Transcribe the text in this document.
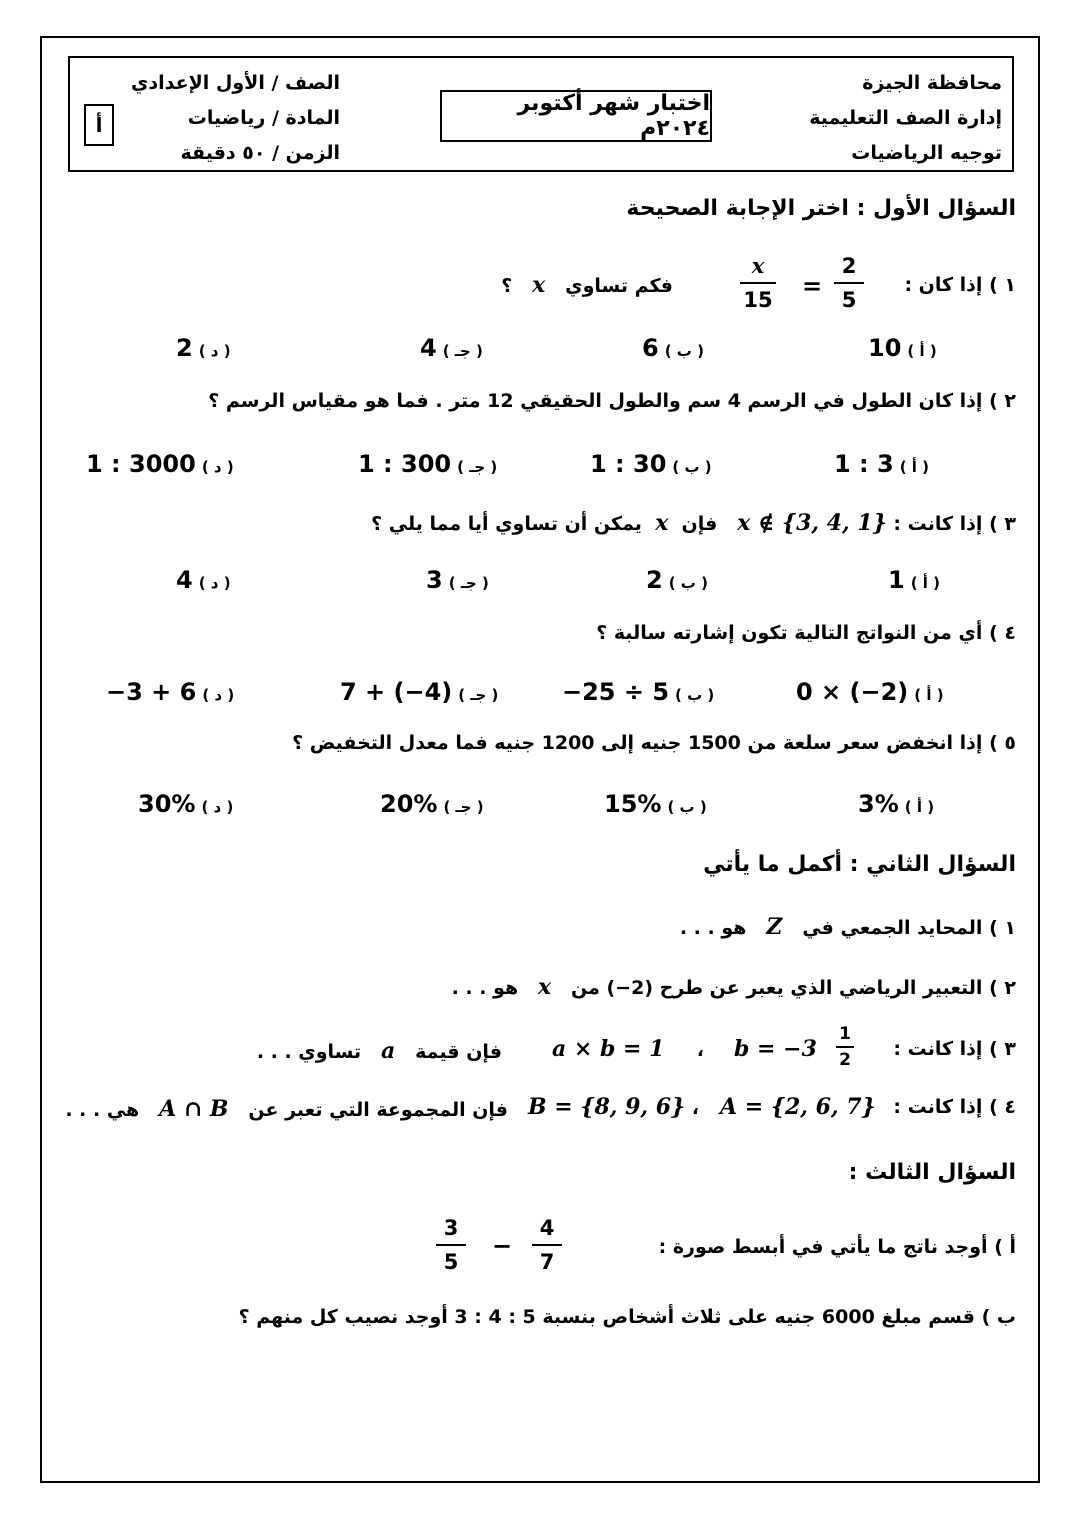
محافظة الجيزة
إدارة الصف التعليمية
توجيه الرياضيات
اختبار شهر أكتوبر ٢٠٢٤م
الصف / الأول الإعدادي
المادة / رياضيات
الزمن / ٥٠ دقيقة
أ
السؤال الأول : اختر الإجابة الصحيحة
١ ) إذا كان :
2
5
=
x
15
فكم تساوي   x   ؟
10 ( أ )
6 ( ب )
4 ( جـ )
2 ( د )
٢ ) إذا كان الطول في الرسم 4 سم والطول الحقيقي 12 متر . فما هو مقياس الرسم ؟
1 : 3 ( أ )
1 : 30 ( ب )
1 : 300 ( جـ )
1 : 3000 ( د )
٣ ) إذا كانت : x ∉ {3, 4, 1}   فإن  x  يمكن أن تساوي أيا مما يلي ؟
1 ( أ )
2 ( ب )
3 ( جـ )
4 ( د )
٤ ) أي من النواتج التالية تكون إشارته سالبة ؟
0 × (−2) ( أ )
−25 ÷ 5 ( ب )
7 + (−4) ( جـ )
−3 + 6 ( د )
٥ ) إذا انخفض سعر سلعة من 1500 جنيه إلى 1200 جنيه فما معدل التخفيض ؟
3% ( أ )
15% ( ب )
20% ( جـ )
30% ( د )
السؤال الثاني : أكمل ما يأتي
١ ) المحايد الجمعي في   Z   هو . . .
٢ ) التعبير الرياضي الذي يعبر عن طرح (2−) من   x   هو . . .
٣ ) إذا كانت :
b = −3
1
2
،
a × b = 1
فإن قيمة   a   تساوي . . .
٤ ) إذا كانت :
A = {2, 6, 7}
،
B = {8, 9, 6}
فإن المجموعة التي تعبر عن   A ∩ B   هي . . .
السؤال الثالث :
أ ) أوجد ناتج ما يأتي في أبسط صورة :
4
7
−
3
5
ب ) قسم مبلغ 6000 جنيه على ثلاث أشخاص بنسبة 5 : 4 : 3 أوجد نصيب كل منهم ؟
